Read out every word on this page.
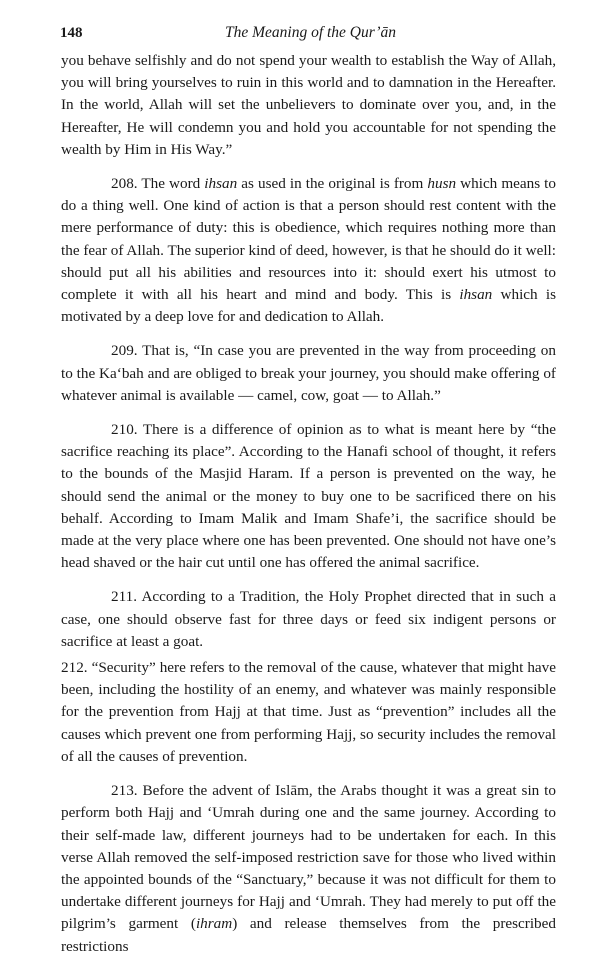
148	The Meaning of the Qur’ān

you behave selfishly and do not spend your wealth to establish the Way of Allah, you will bring yourselves to ruin in this world and to damnation in the Hereafter. In the world, Allah will set the unbelievers to dominate over you, and, in the Hereafter, He will condemn you and hold you accountable for not spending the wealth by Him in His Way.”

208. The word ihsan as used in the original is from husn which means to do a thing well. One kind of action is that a person should rest content with the mere performance of duty: this is obedience, which requires nothing more than the fear of Allah. The superior kind of deed, however, is that he should do it well: should put all his abilities and resources into it: should exert his utmost to complete it with all his heart and mind and body. This is ihsan which is motivated by a deep love for and dedication to Allah.

209. That is, “In case you are prevented in the way from proceeding on to the Ka‘bah and are obliged to break your journey, you should make offering of whatever animal is available — camel, cow, goat — to Allah.”

210. There is a difference of opinion as to what is meant here by “the sacrifice reaching its place”. According to the Hanafi school of thought, it refers to the bounds of the Masjid Haram. If a person is prevented on the way, he should send the animal or the money to buy one to be sacrificed there on his behalf. According to Imam Malik and Imam Shafe’i, the sacrifice should be made at the very place where one has been prevented. One should not have one’s head shaved or the hair cut until one has offered the animal sacrifice.

211. According to a Tradition, the Holy Prophet directed that in such a case, one should observe fast for three days or feed six indigent persons or sacrifice at least a goat.

212. “Security” here refers to the removal of the cause, whatever that might have been, including the hostility of an enemy, and whatever was mainly responsible for the prevention from Hajj at that time. Just as “prevention” includes all the causes which prevent one from performing Hajj, so security includes the removal of all the causes of prevention.

213. Before the advent of Islām, the Arabs thought it was a great sin to perform both Hajj and ‘Umrah during one and the same journey. According to their self-made law, different journeys had to be undertaken for each. In this verse Allah removed the self-imposed restriction save for those who lived within the appointed bounds of the “Sanctuary,” because it was not difficult for them to undertake different journeys for Hajj and ‘Umrah. They had merely to put off the pilgrim’s garment (ihram) and release themselves from the prescribed restrictions
